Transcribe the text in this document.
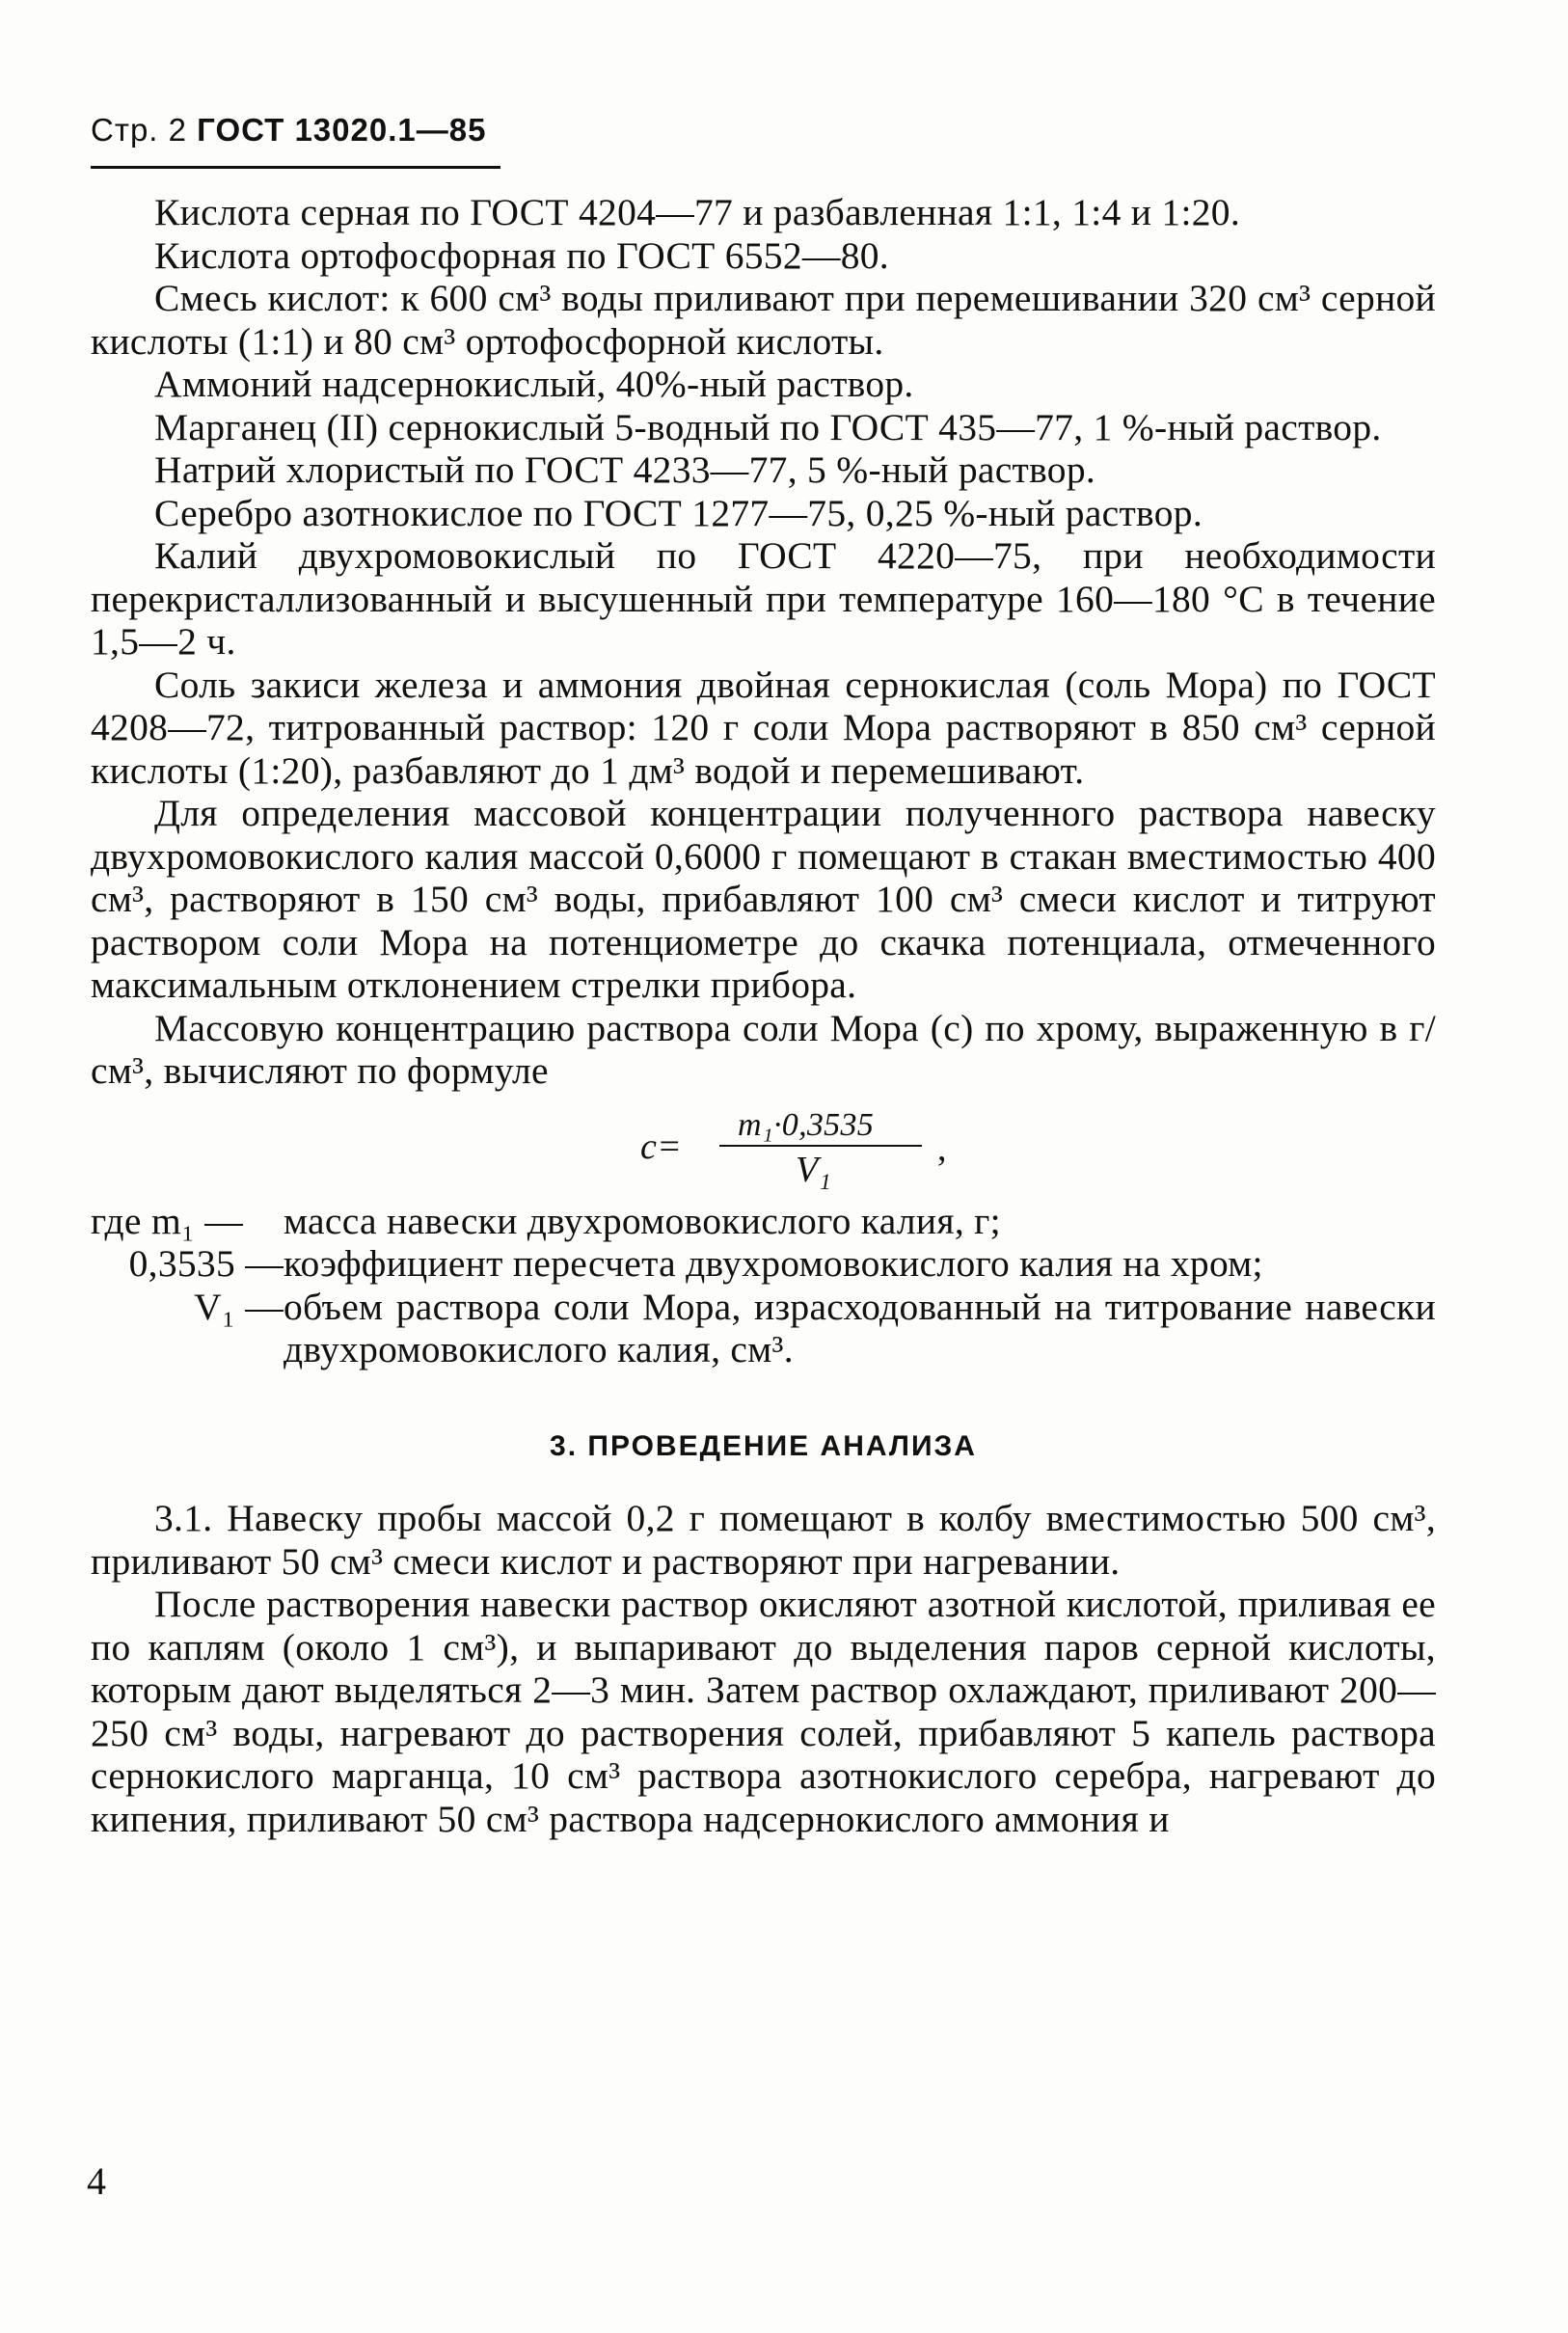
Стр. 2 ГОСТ 13020.1—85

Кислота серная по ГОСТ 4204—77 и разбавленная 1:1, 1:4 и 1:20.

Кислота ортофосфорная по ГОСТ 6552—80.

Смесь кислот: к 600 см³ воды приливают при перемешивании 320 см³ серной кислоты (1:1) и 80 см³ ортофосфорной кислоты.

Аммоний надсернокислый, 40%-ный раствор.

Марганец (II) сернокислый 5-водный по ГОСТ 435—77, 1 %-ный раствор.

Натрий хлористый по ГОСТ 4233—77, 5 %-ный раствор.

Серебро азотнокислое по ГОСТ 1277—75, 0,25 %-ный раствор.

Калий двухромовокислый по ГОСТ 4220—75, при необходимости перекристаллизованный и высушенный при температуре 160—180 °С в течение 1,5—2 ч.

Соль закиси железа и аммония двойная сернокислая (соль Мора) по ГОСТ 4208—72, титрованный раствор: 120 г соли Мора растворяют в 850 см³ серной кислоты (1:20), разбавляют до 1 дм³ водой и перемешивают.

Для определения массовой концентрации полученного раствора навеску двухромовокислого калия массой 0,6000 г помещают в стакан вместимостью 400 см³, растворяют в 150 см³ воды, прибавляют 100 см³ смеси кислот и титруют раствором соли Мора на потенциометре до скачка потенциала, отмеченного максимальным отклонением стрелки прибора.

Массовую концентрацию раствора соли Мора (с) по хрому, выраженную в г/см³, вычисляют по формуле

c=
m₁·0,3535
V₁
,
где m₁ —	масса навески двухромовокислого калия, г;
0,3535 — коэффициент пересчета двухромовокислого калия на хром;
V₁ — объем раствора соли Мора, израсходованный на титрование навески двухромовокислого калия, см³.
3. ПРОВЕДЕНИЕ АНАЛИЗА

3.1. Навеску пробы массой 0,2 г помещают в колбу вместимостью 500 см³, приливают 50 см³ смеси кислот и растворяют при нагревании.

После растворения навески раствор окисляют азотной кислотой, приливая ее по каплям (около 1 см³), и выпаривают до выделения паров серной кислоты, которым дают выделяться 2—3 мин. Затем раствор охлаждают, приливают 200—250 см³ воды, нагревают до растворения солей, прибавляют 5 капель раствора сернокислого марганца, 10 см³ раствора азотнокислого серебра, нагревают до кипения, приливают 50 см³ раствора надсернокислого аммония и

4
